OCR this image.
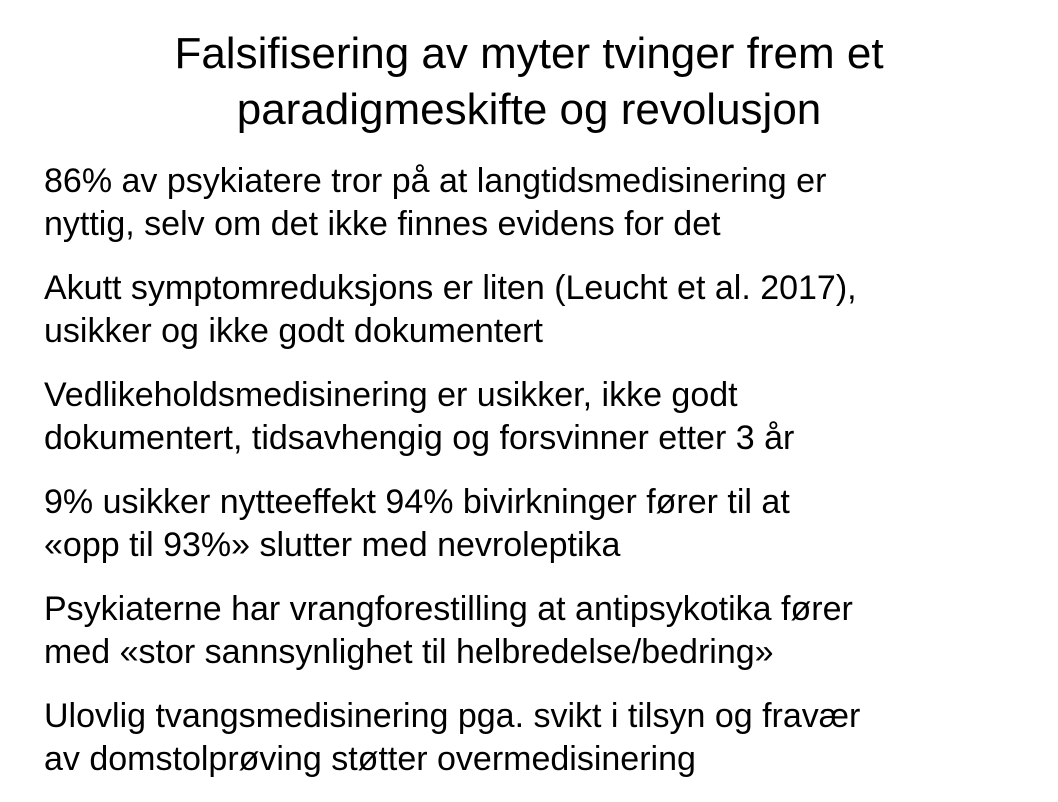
Falsifisering av myter tvinger frem et
paradigmeskifte og revolusjon
86% av psykiatere tror på at langtidsmedisinering er
nyttig, selv om det ikke finnes evidens for det
Akutt symptomreduksjons er liten (Leucht et al. 2017),
usikker og ikke godt dokumentert
Vedlikeholdsmedisinering er usikker, ikke godt
dokumentert, tidsavhengig og forsvinner etter 3 år
9% usikker nytteeffekt 94% bivirkninger fører til at
«opp til 93%» slutter med nevroleptika
Psykiaterne har vrangforestilling at antipsykotika fører
med «stor sannsynlighet til helbredelse/bedring»
Ulovlig tvangsmedisinering pga. svikt i tilsyn og fravær
av domstolprøving støtter overmedisinering
